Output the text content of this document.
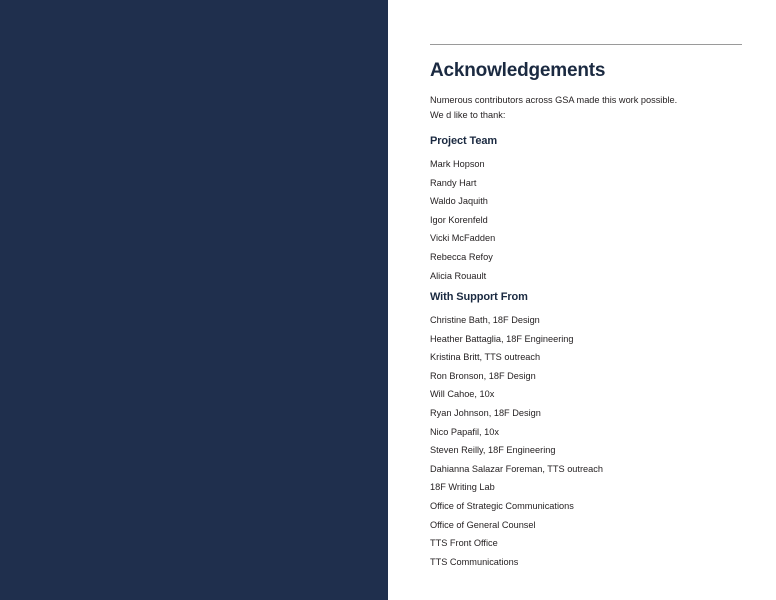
Acknowledgements

Numerous contributors across GSA made this work possible.
We d like to thank:

Project Team
Mark Hopson
Randy Hart
Waldo Jaquith
Igor Korenfeld
Vicki McFadden
Rebecca Refoy
Alicia Rouault
With Support From
Christine Bath, 18F Design
Heather Battaglia, 18F Engineering
Kristina Britt, TTS outreach
Ron Bronson, 18F Design
Will Cahoe, 10x
Ryan Johnson, 18F Design
Nico Papafil, 10x
Steven Reilly, 18F Engineering
Dahianna Salazar Foreman, TTS outreach
18F Writing Lab
Office of Strategic Communications
Office of General Counsel
TTS Front Office
TTS Communications
